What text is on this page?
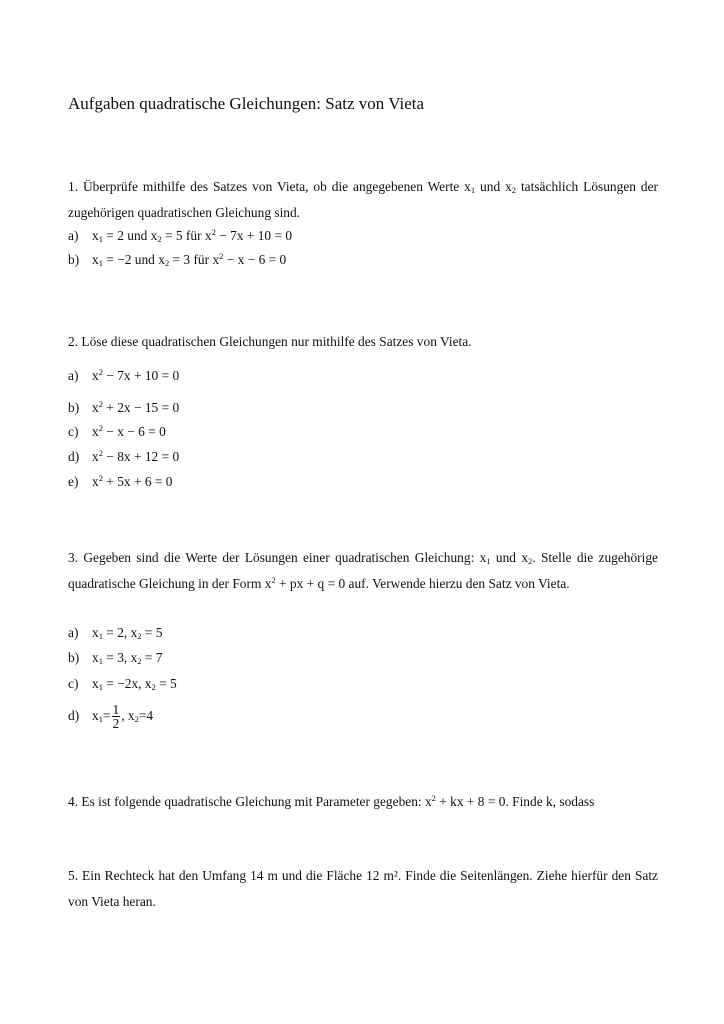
Aufgaben quadratische Gleichungen: Satz von Vieta
1. Überprüfe mithilfe des Satzes von Vieta, ob die angegebenen Werte $x_1$ und $x_2$ tatsächlich Lösungen der zugehörigen quadratischen Gleichung sind.
a) $x_1 = 2$ und $x_2 = 5$ für $x^2 - 7x + 10 = 0$
b) $x_1 = -2$ und $x_2 = 3$ für $x^2 - x - 6 = 0$
2. Löse diese quadratischen Gleichungen nur mithilfe des Satzes von Vieta.
a) $x^2 - 7x + 10 = 0$
b) $x^2 + 2x - 15 = 0$
c) $x^2 - x - 6 = 0$
d) $x^2 - 8x + 12 = 0$
e) $x^2 + 5x + 6 = 0$
3. Gegeben sind die Werte der Lösungen einer quadratischen Gleichung: $x_1$ und $x_2$. Stelle die zugehörige quadratische Gleichung in der Form $x^2$ + px + q = 0 auf. Verwende hierzu den Satz von Vieta.
a) $x_1 = 2$, $x_2 = 5$
b) $x_1 = 3$, $x_2 = 7$
c) $x_1 = -2x$, $x_2 = 5$
d) $x_1= \frac{1}{2}$ , $x_2=4$
4. Es ist folgende quadratische Gleichung mit Parameter gegeben: $x^2$ + kx + 8 = 0. Finde k, sodass
5. Ein Rechteck hat den Umfang 14 m und die Fläche 12 m². Finde die Seitenlängen. Ziehe hierfür den Satz von Vieta heran.
